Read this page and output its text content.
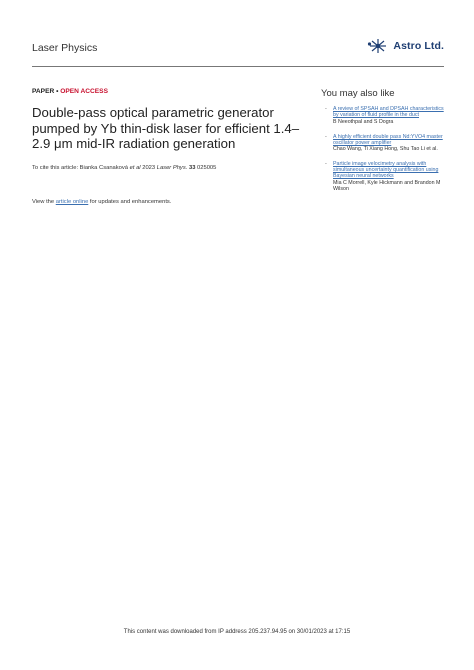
Laser Physics	Astro Ltd.
PAPER • OPEN ACCESS
Double-pass optical parametric generator pumped by Yb thin-disk laser for efficient 1.4–2.9 μm mid-IR radiation generation
To cite this article: Bianka Csanaková et al 2023 Laser Phys. 33 025005
View the article online for updates and enhancements.
You may also like
- A review of SPSAH and DPSAH characteristics by variation of fluid profile in the duct
B Neeothpal and S Dogra
- A highly efficient double pass Nd:YVO4 master oscillator power amplifier
Chao Wang, Ti Xiang Hong, Shu Tao Li et al.
- Particle image velocimetry analysis with simultaneous uncertainty quantification using Bayesian neural networks
Mia C Morrell, Kyle Hickmann and Brandon M Wilson
This content was downloaded from IP address 205.237.94.95 on 30/01/2023 at 17:15
